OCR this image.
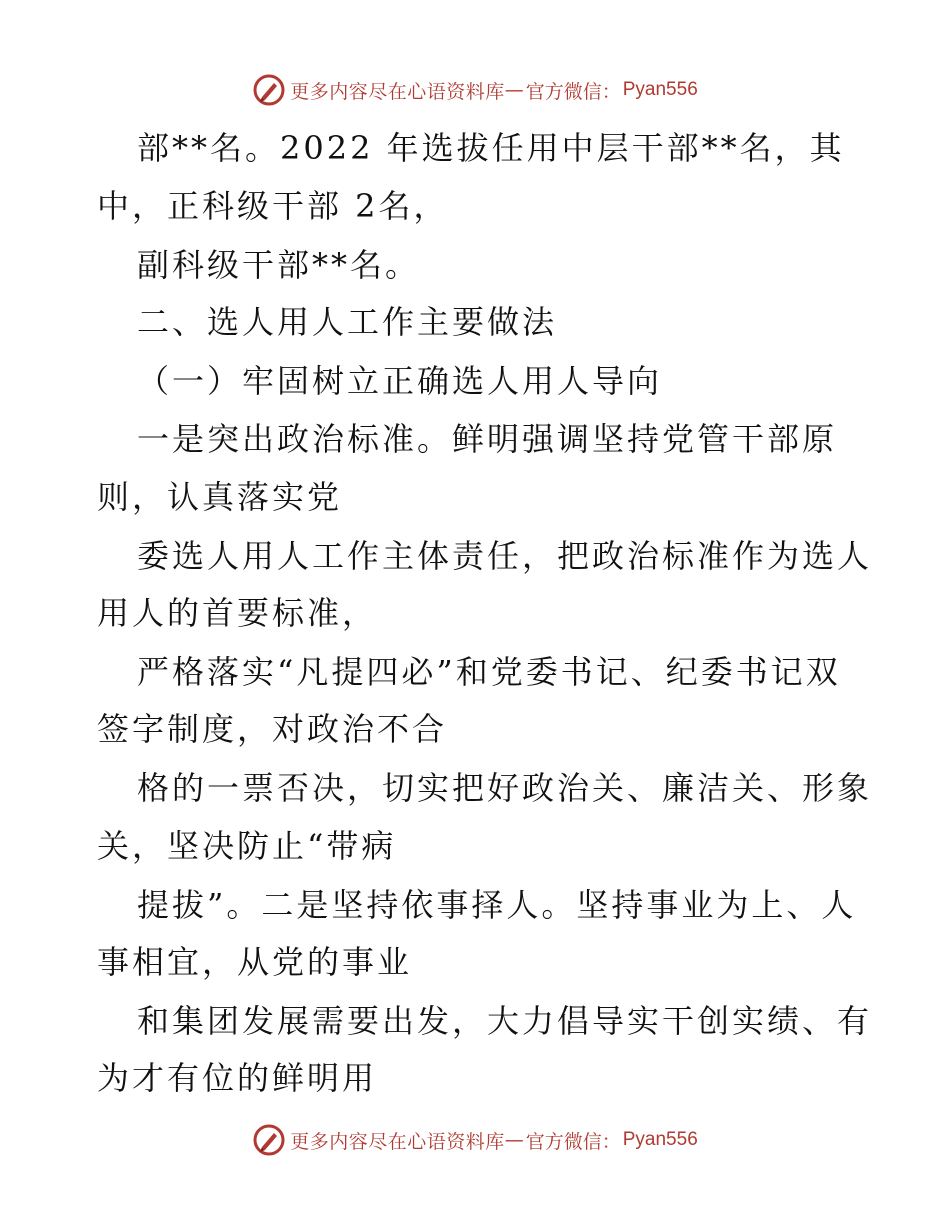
更多内容尽在心语资料库 — 官方微信： Pyan556
部**名。2022 年选拔任用中层干部**名，其
中，正科级干部 2名，
副科级干部**名。
二、选人用人工作主要做法
（一）牢固树立正确选人用人导向
一是突出政治标准。鲜明强调坚持党管干部原
则，认真落实党
委选人用人工作主体责任，把政治标准作为选人
用人的首要标准，
严格落实“凡提四必”和党委书记、纪委书记双
签字制度，对政治不合
格的一票否决，切实把好政治关、廉洁关、形象
关，坚决防止“带病
提拔”。二是坚持依事择人。坚持事业为上、人
事相宜，从党的事业
和集团发展需要出发，大力倡导实干创实绩、有
为才有位的鲜明用
更多内容尽在心语资料库 — 官方微信： Pyan556
